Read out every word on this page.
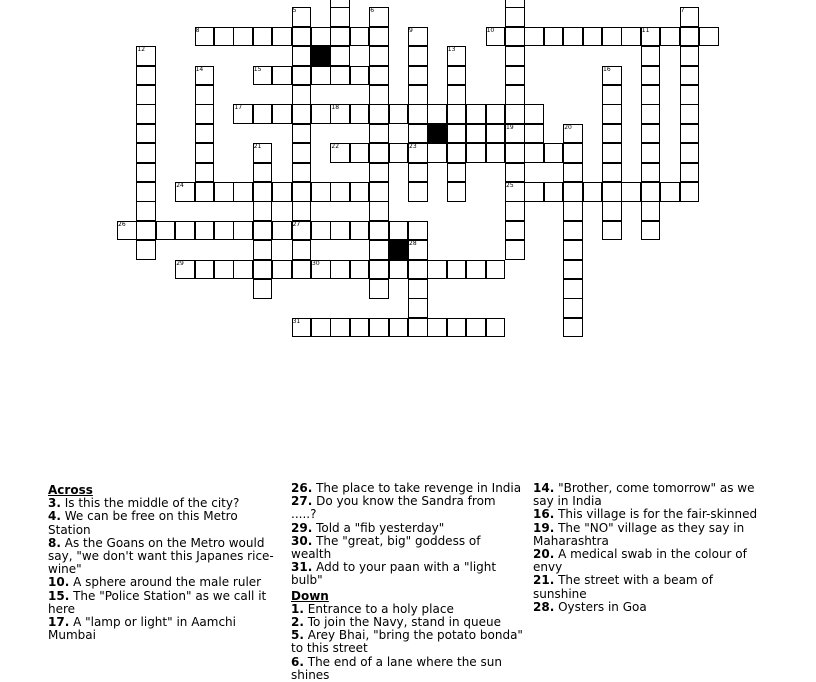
5	6	7
8	9	10	11
12	13
14	15	16
17	18
19	20
21	22	23
24	25
26	27
28
29	30
31
Across
3. Is this the middle of the city?
4. We can be free on this Metro Station
8. As the Goans on the Metro would say, "we don't want this Japanes rice-wine"
10. A sphere around the male ruler
15. The "Police Station" as we call it here
17. A "lamp or light" in Aamchi Mumbai
26. The place to take revenge in India
27. Do you know the Sandra from .....?
29. Told a "fib yesterday"
30. The "great, big" goddess of wealth
31. Add to your paan with a "light bulb"
Down
1. Entrance to a holy place
2. To join the Navy, stand in queue
5. Arey Bhai, "bring the potato bonda" to this street
6. The end of a lane where the sun shines
14. "Brother, come tomorrow" as we say in India
16. This village is for the fair-skinned
19. The "NO" village as they say in Maharashtra
20. A medical swab in the colour of envy
21. The street with a beam of sunshine
28. Oysters in Goa
